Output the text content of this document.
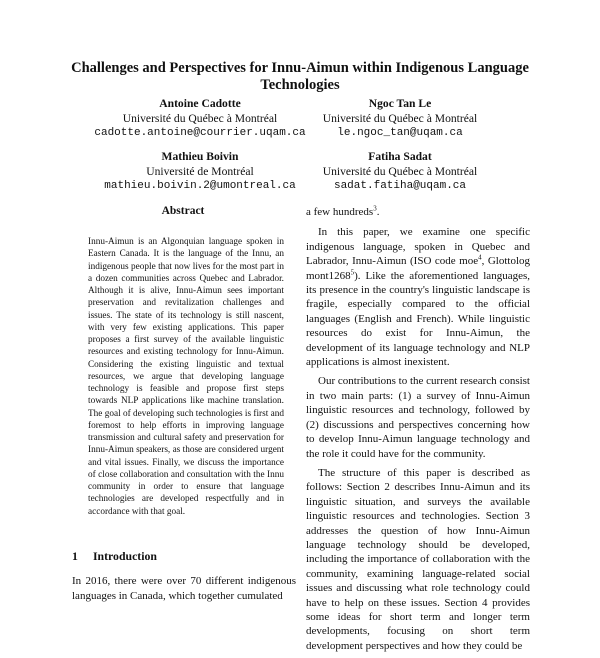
Challenges and Perspectives for Innu-Aimun within Indigenous Language
Technologies
Antoine Cadotte
Université du Québec à Montréal
cadotte.antoine@courrier.uqam.ca
Ngoc Tan Le
Université du Québec à Montréal
le.ngoc_tan@uqam.ca
Mathieu Boivin
Université de Montréal
mathieu.boivin.2@umontreal.ca
Fatiha Sadat
Université du Québec à Montréal
sadat.fatiha@uqam.ca
Abstract
Innu-Aimun is an Algonquian language spoken in Eastern Canada. It is the language of the Innu, an indigenous people that now lives for the most part in a dozen communities across Quebec and Labrador. Although it is alive, Innu-Aimun sees important preservation and revitalization challenges and issues. The state of its technology is still nascent, with very few existing applications. This paper proposes a first survey of the available linguistic resources and existing technology for Innu-Aimun. Considering the existing linguistic and textual resources, we argue that developing language technology is feasible and propose first steps towards NLP applications like machine translation. The goal of developing such technologies is first and foremost to help efforts in improving language transmission and cultural safety and preservation for Innu-Aimun speakers, as those are considered urgent and vital issues. Finally, we discuss the importance of close collaboration and consultation with the Innu community in order to ensure that language technologies are developed respectfully and in accordance with that goal.
1 Introduction
In 2016, there were over 70 different indigenous languages in Canada, which together cumulated

a few hundreds$^3$.

In this paper, we examine one specific indigenous language, spoken in Quebec and Labrador, Innu-Aimun (ISO code moe$^4$, Glottolog mont1268$^5$). Like the aforementioned languages, its presence in the country's linguistic landscape is fragile, especially compared to the official languages (English and French). While linguistic resources do exist for Innu-Aimun, the development of its language technology and NLP applications is almost inexistent.

Our contributions to the current research consist in two main parts: (1) a survey of Innu-Aimun linguistic resources and technology, followed by (2) discussions and perspectives concerning how to develop Innu-Aimun language technology and the role it could have for the community.

The structure of this paper is described as follows: Section 2 describes Innu-Aimun and its linguistic situation, and surveys the available linguistic resources and technologies. Section 3 addresses the question of how Innu-Aimun language technology should be developed, including the importance of collaboration with the community, examining language-related social issues and discussing what role technology could have to help on these issues. Section 4 provides some ideas for short term and longer term developments, focusing on short term development perspectives and how they could be
